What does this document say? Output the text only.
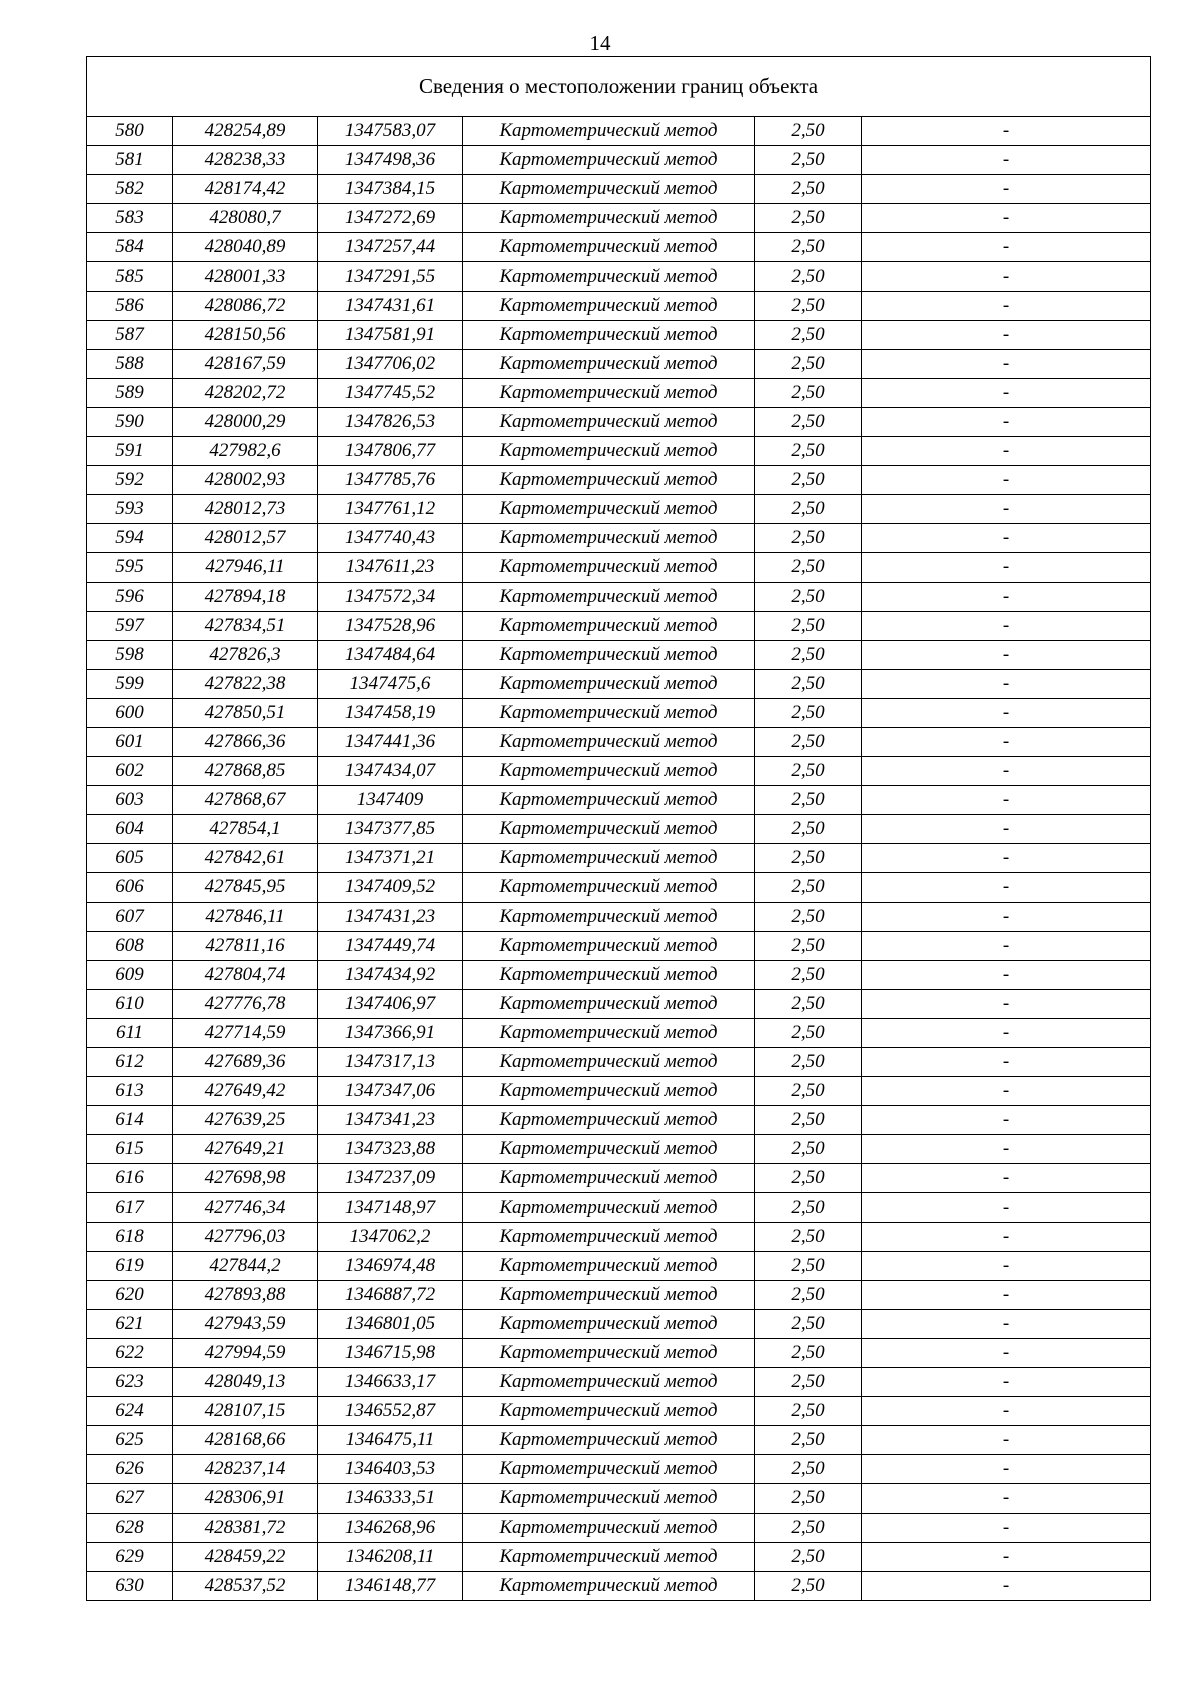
14
Сведения о местоположении границ объекта					
580	428254,89	1347583,07	Картометрический метод	2,50	-
581	428238,33	1347498,36	Картометрический метод	2,50	-
582	428174,42	1347384,15	Картометрический метод	2,50	-
583	428080,7	1347272,69	Картометрический метод	2,50	-
584	428040,89	1347257,44	Картометрический метод	2,50	-
585	428001,33	1347291,55	Картометрический метод	2,50	-
586	428086,72	1347431,61	Картометрический метод	2,50	-
587	428150,56	1347581,91	Картометрический метод	2,50	-
588	428167,59	1347706,02	Картометрический метод	2,50	-
589	428202,72	1347745,52	Картометрический метод	2,50	-
590	428000,29	1347826,53	Картометрический метод	2,50	-
591	427982,6	1347806,77	Картометрический метод	2,50	-
592	428002,93	1347785,76	Картометрический метод	2,50	-
593	428012,73	1347761,12	Картометрический метод	2,50	-
594	428012,57	1347740,43	Картометрический метод	2,50	-
595	427946,11	1347611,23	Картометрический метод	2,50	-
596	427894,18	1347572,34	Картометрический метод	2,50	-
597	427834,51	1347528,96	Картометрический метод	2,50	-
598	427826,3	1347484,64	Картометрический метод	2,50	-
599	427822,38	1347475,6	Картометрический метод	2,50	-
600	427850,51	1347458,19	Картометрический метод	2,50	-
601	427866,36	1347441,36	Картометрический метод	2,50	-
602	427868,85	1347434,07	Картометрический метод	2,50	-
603	427868,67	1347409	Картометрический метод	2,50	-
604	427854,1	1347377,85	Картометрический метод	2,50	-
605	427842,61	1347371,21	Картометрический метод	2,50	-
606	427845,95	1347409,52	Картометрический метод	2,50	-
607	427846,11	1347431,23	Картометрический метод	2,50	-
608	427811,16	1347449,74	Картометрический метод	2,50	-
609	427804,74	1347434,92	Картометрический метод	2,50	-
610	427776,78	1347406,97	Картометрический метод	2,50	-
611	427714,59	1347366,91	Картометрический метод	2,50	-
612	427689,36	1347317,13	Картометрический метод	2,50	-
613	427649,42	1347347,06	Картометрический метод	2,50	-
614	427639,25	1347341,23	Картометрический метод	2,50	-
615	427649,21	1347323,88	Картометрический метод	2,50	-
616	427698,98	1347237,09	Картометрический метод	2,50	-
617	427746,34	1347148,97	Картометрический метод	2,50	-
618	427796,03	1347062,2	Картометрический метод	2,50	-
619	427844,2	1346974,48	Картометрический метод	2,50	-
620	427893,88	1346887,72	Картометрический метод	2,50	-
621	427943,59	1346801,05	Картометрический метод	2,50	-
622	427994,59	1346715,98	Картометрический метод	2,50	-
623	428049,13	1346633,17	Картометрический метод	2,50	-
624	428107,15	1346552,87	Картометрический метод	2,50	-
625	428168,66	1346475,11	Картометрический метод	2,50	-
626	428237,14	1346403,53	Картометрический метод	2,50	-
627	428306,91	1346333,51	Картометрический метод	2,50	-
628	428381,72	1346268,96	Картометрический метод	2,50	-
629	428459,22	1346208,11	Картометрический метод	2,50	-
630	428537,52	1346148,77	Картометрический метод	2,50	-
